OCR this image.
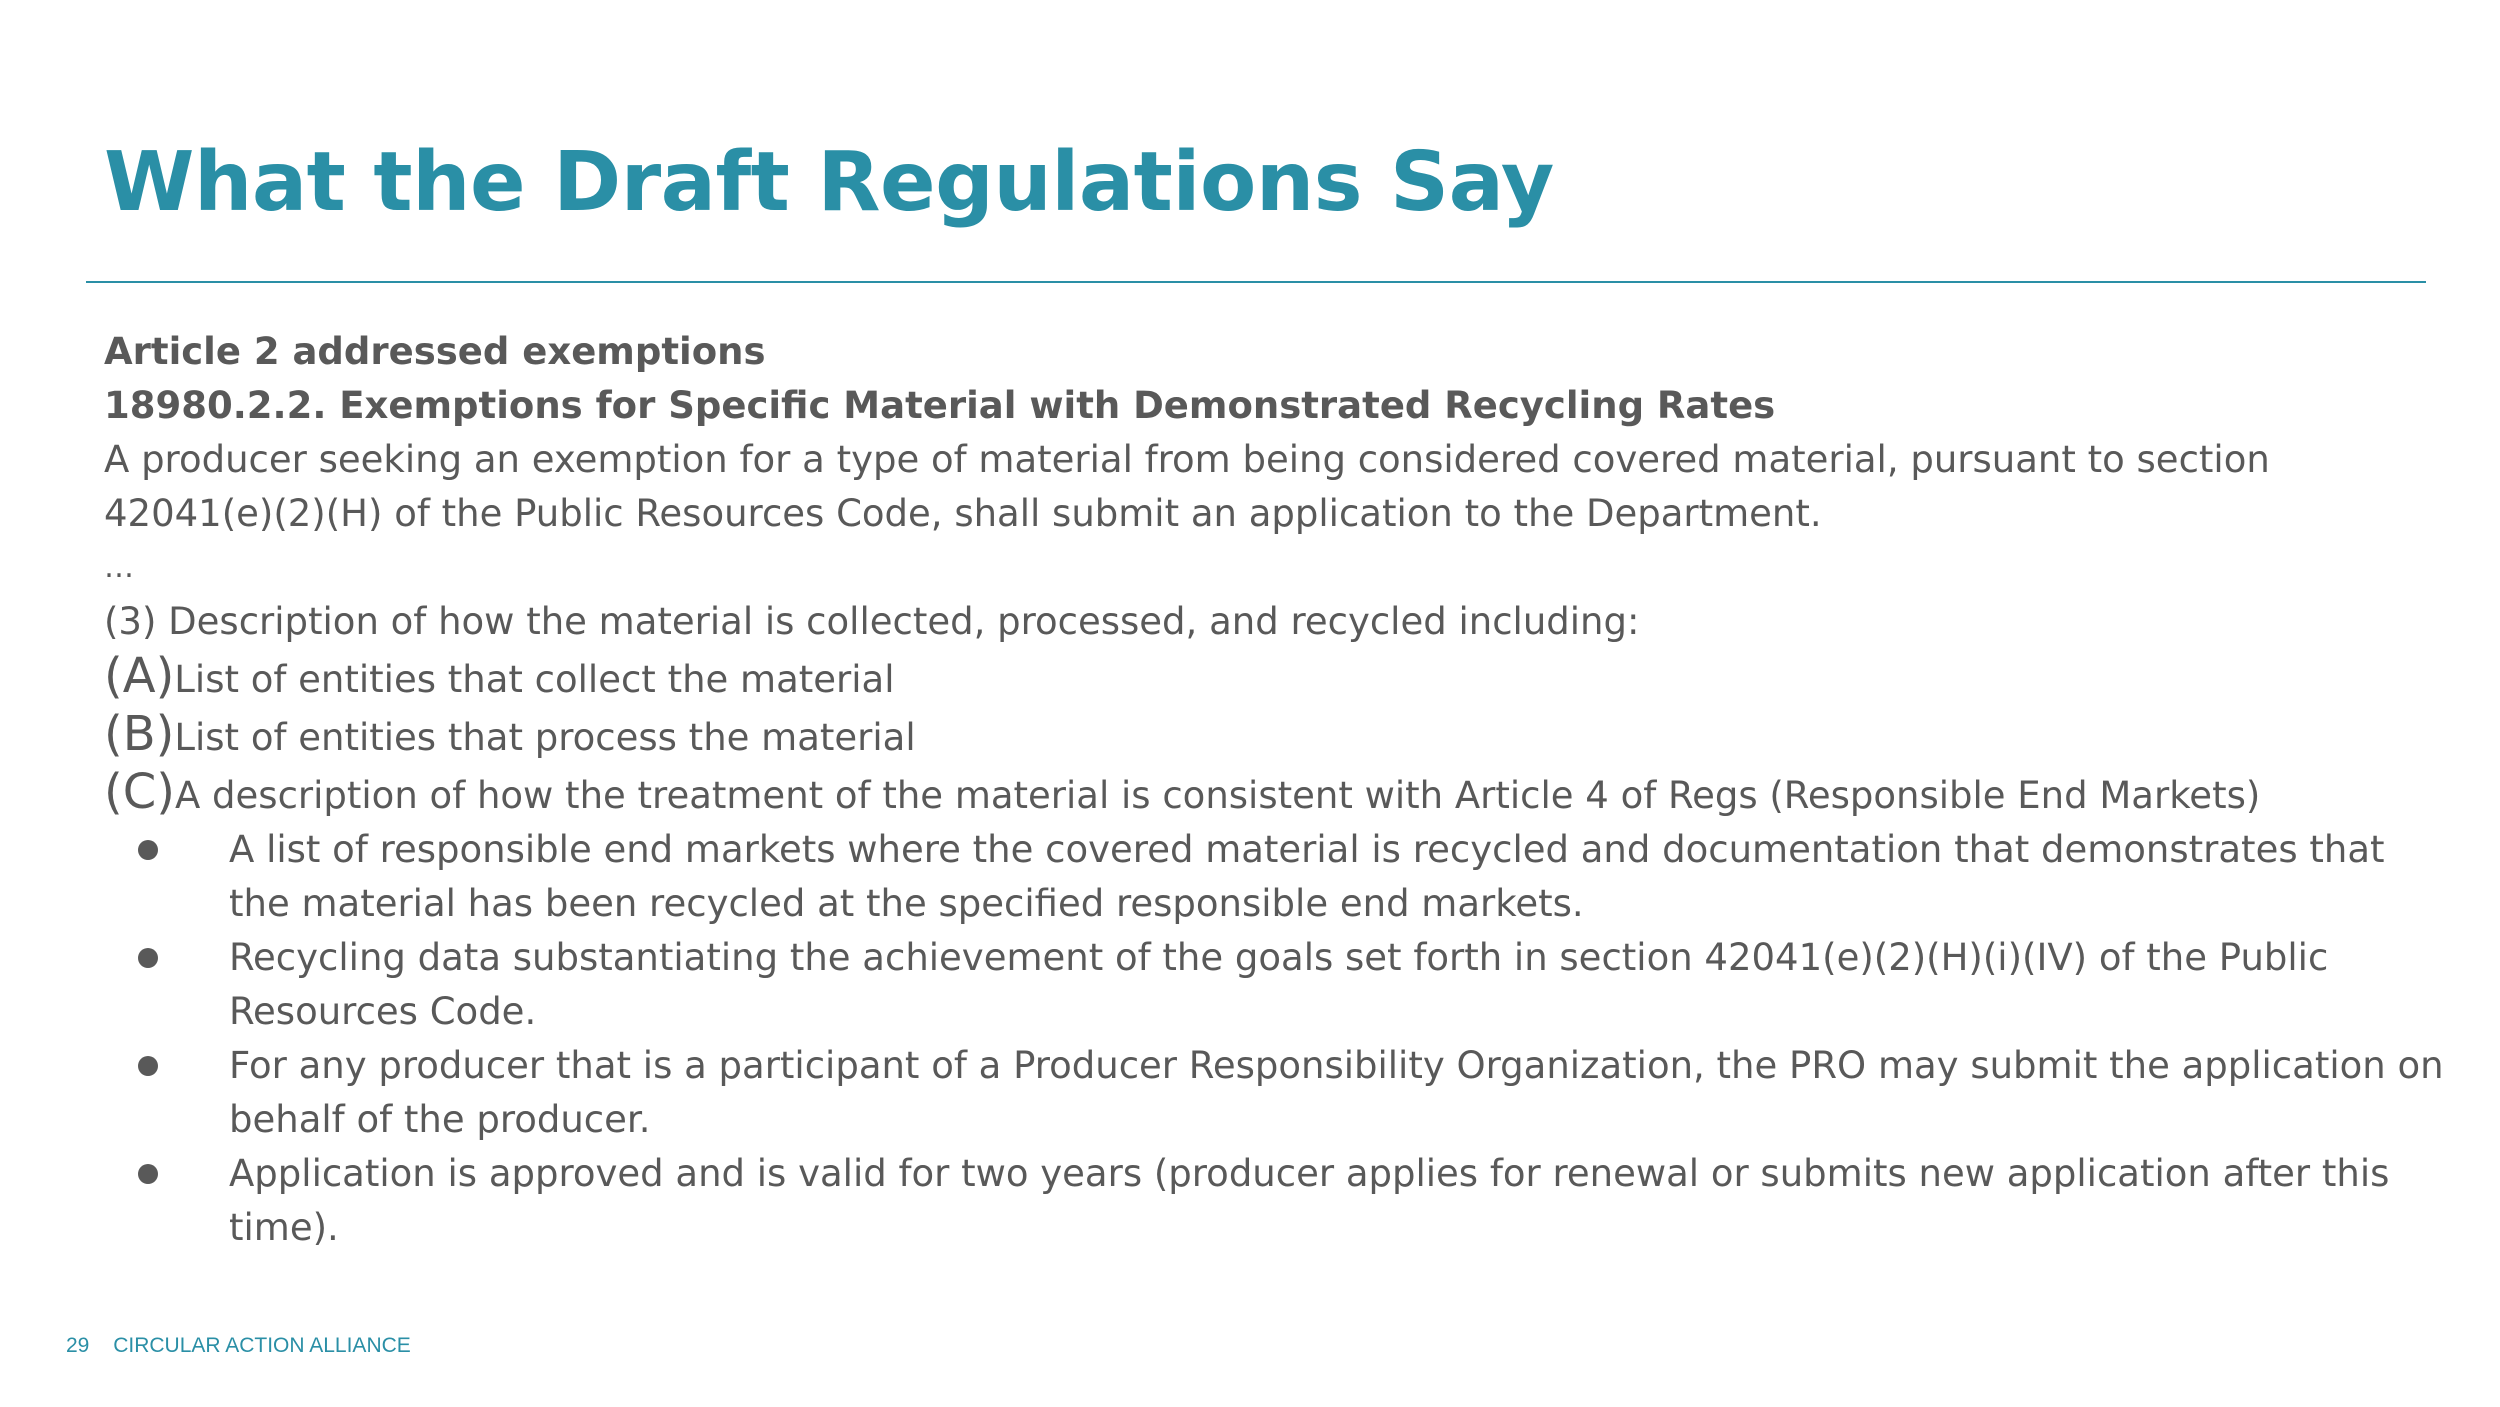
What the Draft Regulations Say
Article 2 addressed exemptions
18980.2.2. Exemptions for Specific Material with Demonstrated Recycling Rates
A producer seeking an exemption for a type of material from being considered covered material, pursuant to section
42041(e)(2)(H) of the Public Resources Code, shall submit an application to the Department.
…
(3) Description of how the material is collected, processed, and recycled including:
(A) List of entities that collect the material
(B) List of entities that process the material
(C) A description of how the treatment of the material is consistent with Article 4 of Regs (Responsible End Markets)
A list of responsible end markets where the covered material is recycled and documentation that demonstrates that
the material has been recycled at the specified responsible end markets.
Recycling data substantiating the achievement of the goals set forth in section 42041(e)(2)(H)(i)(IV) of the Public
Resources Code.
For any producer that is a participant of a Producer Responsibility Organization, the PRO may submit the application on
behalf of the producer.
Application is approved and is valid for two years (producer applies for renewal or submits new application after this
time).
29 CIRCULAR ACTION ALLIANCE
